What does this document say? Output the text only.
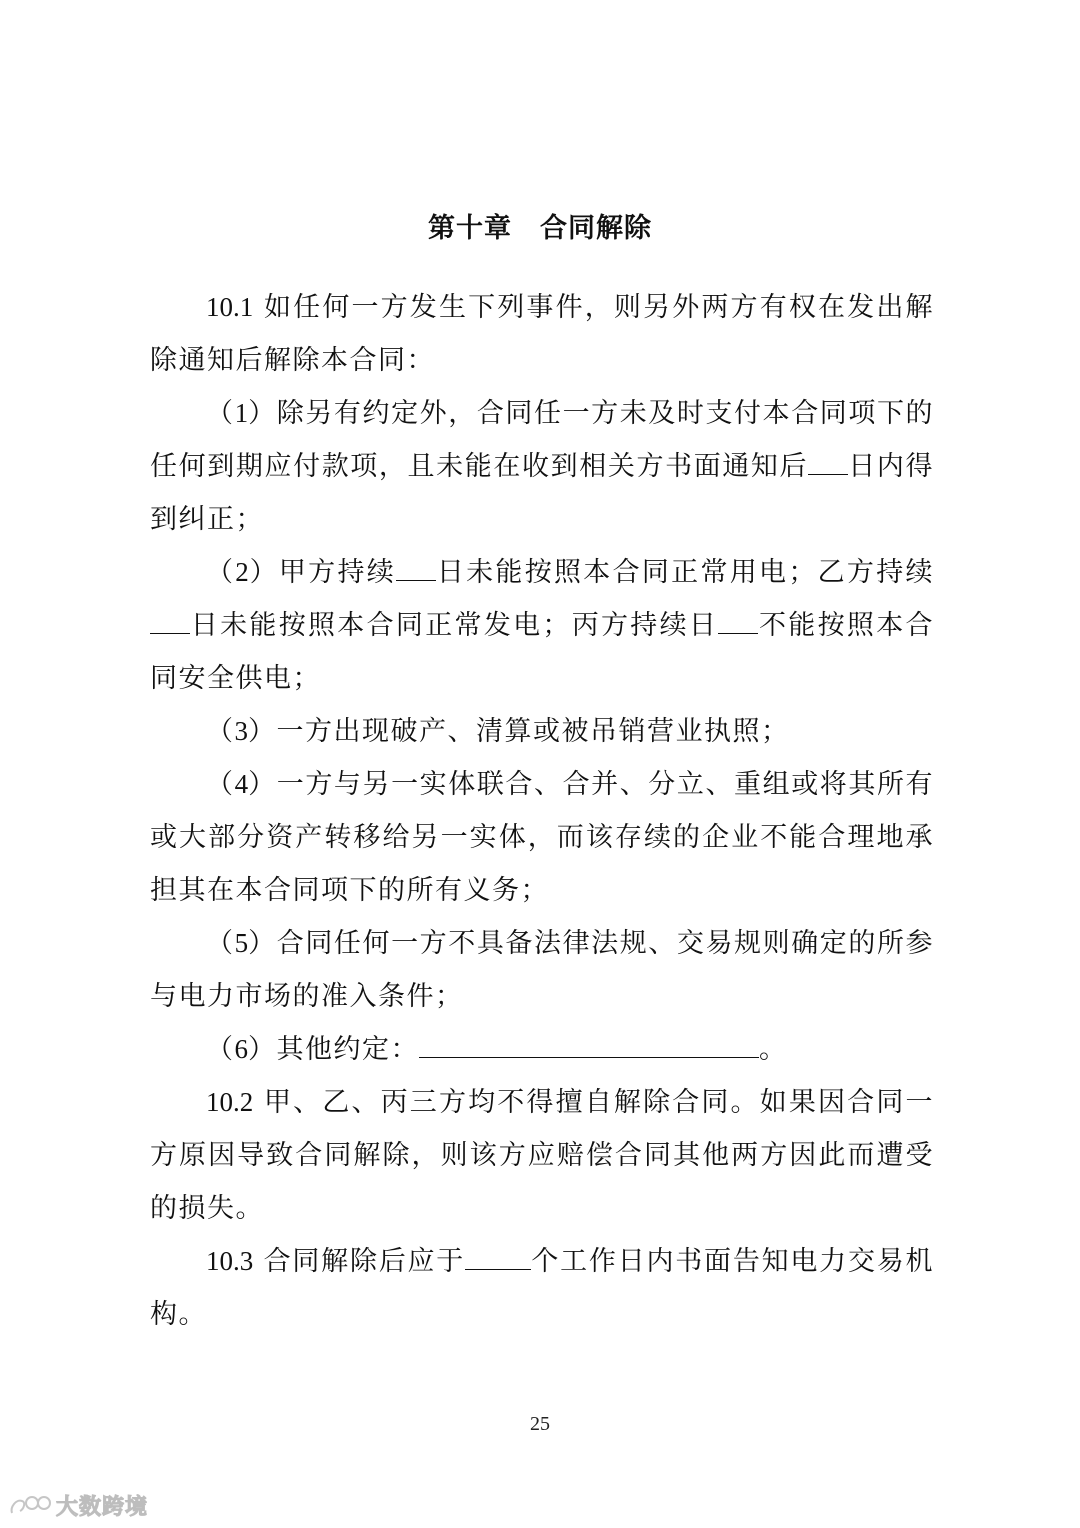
第十章　合同解除

10.1 如任何一方发生下列事件，则另外两方有权在发出解除通知后解除本合同：

（1）除另有约定外，合同任一方未及时支付本合同项下的任何到期应付款项，且未能在收到相关方书面通知后 日内得到纠正；

（2）甲方持续 日未能按照本合同正常用电；乙方持续日未能按照本合同正常发电；丙方持续日 不能按照本合同安全供电；

（3）一方出现破产、清算或被吊销营业执照；

（4）一方与另一实体联合、合并、分立、重组或将其所有或大部分资产转移给另一实体，而该存续的企业不能合理地承担其在本合同项下的所有义务；

（5）合同任何一方不具备法律法规、交易规则确定的所参与电力市场的准入条件；

（6）其他约定：	。

10.2 甲、乙、丙三方均不得擅自解除合同。如果因合同一方原因导致合同解除，则该方应赔偿合同其他两方因此而遭受的损失。

10.3 合同解除后应于 个工作日内书面告知电力交易机构。

25
大数跨境
